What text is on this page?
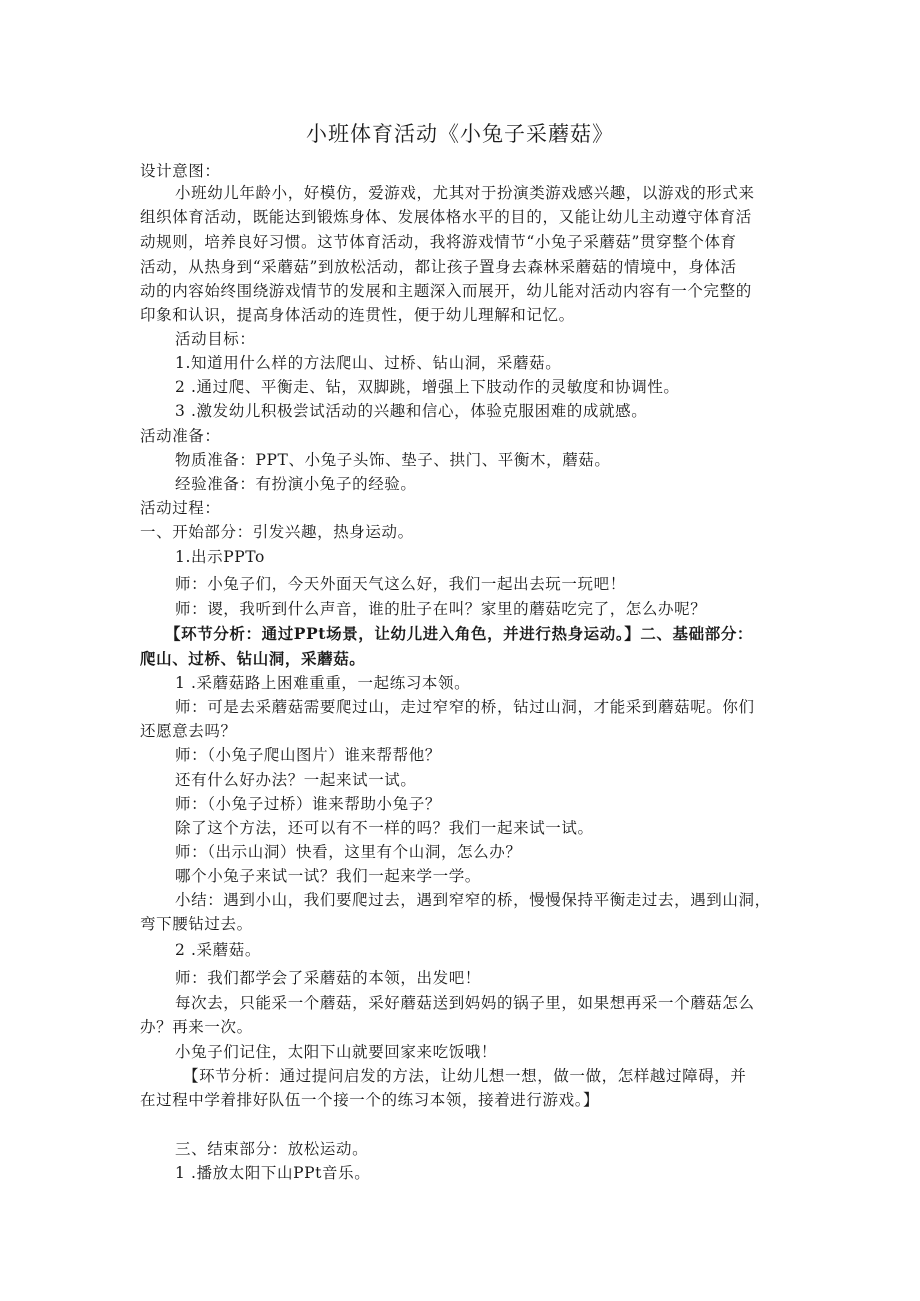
小班体育活动《小兔子采蘑菇》
设计意图：
小班幼儿年龄小，好模仿，爱游戏，尤其对于扮演类游戏感兴趣，以游戏的形式来
组织体育活动，既能达到锻炼身体、发展体格水平的目的，又能让幼儿主动遵守体育活
动规则，培养良好习惯。这节体育活动，我将游戏情节“小兔子采蘑菇”贯穿整个体育
活动，从热身到“采蘑菇”到放松活动，都让孩子置身去森林采蘑菇的情境中，身体活
动的内容始终围绕游戏情节的发展和主题深入而展开，幼儿能对活动内容有一个完整的
印象和认识，提高身体活动的连贯性，便于幼儿理解和记忆。
活动目标：
1.知道用什么样的方法爬山、过桥、钻山洞，采蘑菇。
2 .通过爬、平衡走、钻，双脚跳，增强上下肢动作的灵敏度和协调性。
3 .激发幼儿积极尝试活动的兴趣和信心，体验克服困难的成就感。
活动准备：
物质准备：PPT、小兔子头饰、垫子、拱门、平衡木，蘑菇。
经验准备：有扮演小兔子的经验。
活动过程：
一、开始部分：引发兴趣，热身运动。
1.出示PPTo
师：小兔子们，今天外面天气这么好，我们一起出去玩一玩吧！
师：谡，我听到什么声音，谁的肚子在叫？家里的蘑菇吃完了，怎么办呢？
【环节分析：通过PPt场景，让幼儿进入角色，并进行热身运动。】二、基础部分：
爬山、过桥、钻山洞，采蘑菇。
1 .采蘑菇路上困难重重，一起练习本领。
师：可是去采蘑菇需要爬过山，走过窄窄的桥，钻过山洞，才能采到蘑菇呢。你们
还愿意去吗？
师：（小兔子爬山图片）谁来帮帮他？
还有什么好办法？一起来试一试。
师：（小兔子过桥）谁来帮助小兔子？
除了这个方法，还可以有不一样的吗？我们一起来试一试。
师：（出示山洞）快看，这里有个山洞，怎么办？
哪个小兔子来试一试？我们一起来学一学。
小结：遇到小山，我们要爬过去，遇到窄窄的桥，慢慢保持平衡走过去，遇到山洞，
弯下腰钻过去。
2 .采蘑菇。
师：我们都学会了采蘑菇的本领，出发吧！
每次去，只能采一个蘑菇，采好蘑菇送到妈妈的锅子里，如果想再采一个蘑菇怎么
办？再来一次。
小兔子们记住，太阳下山就要回家来吃饭哦！
【环节分析：通过提问启发的方法，让幼儿想一想，做一做，怎样越过障碍，并
在过程中学着排好队伍一个接一个的练习本领，接着进行游戏。】
三、结束部分：放松运动。
1 .播放太阳下山PPt音乐。
